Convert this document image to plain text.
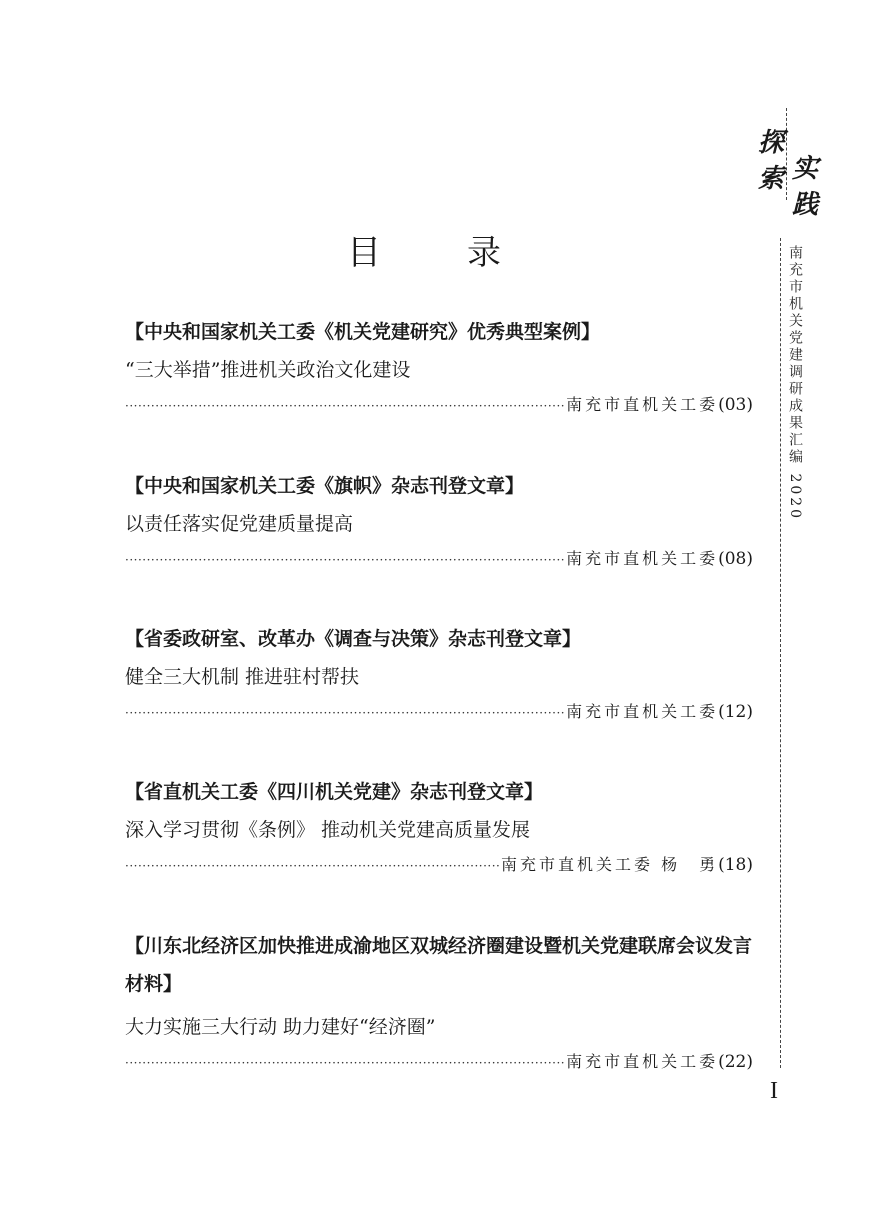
目　录
【中央和国家机关工委《机关党建研究》优秀典型案例】
“三大举措”推进机关政治文化建设
·····
南充市直机关工委 ( 03 )
【中央和国家机关工委《旗帜》杂志刊登文章】
以责任落实促党建质量提高
·····
南充市直机关工委 ( 08 )
【省委政研室、改革办《调查与决策》杂志刊登文章】
健全三大机制 推进驻村帮扶
·····
南充市直机关工委 ( 12 )
【省直机关工委《四川机关党建》杂志刊登文章】
深入学习贯彻《条例》 推动机关党建高质量发展
·····
南充市直机关工委 杨　勇 ( 18 )
【川东北经济区加快推进成渝地区双城经济圈建设暨机关党建联席会议发言材料】
大力实施三大行动 助力建好“经济圈”
·····
南充市直机关工委 ( 22 )
探
索 实
践
南充市机关党建调研成果汇编 2020
I
